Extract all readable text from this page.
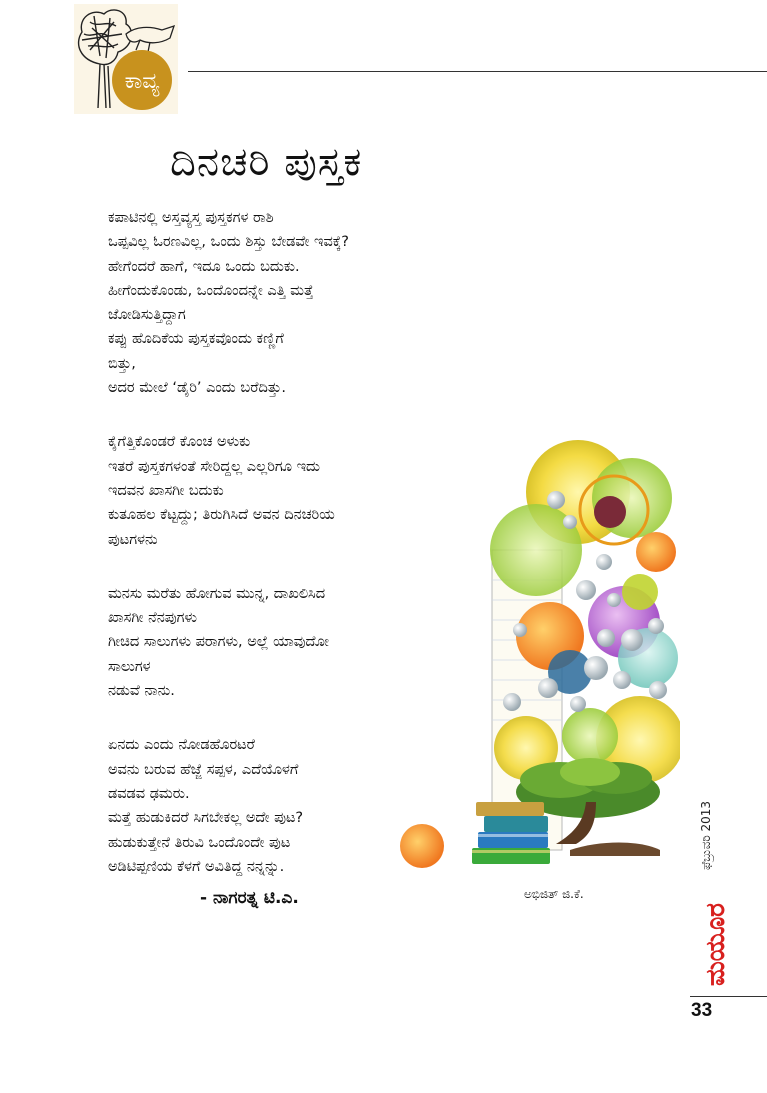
ಕಾವ್ಯ
ದಿನಚರಿ ಪುಸ್ತಕ
ಕಪಾಟಿನಲ್ಲಿ ಅಸ್ತವ್ಯಸ್ತ ಪುಸ್ತಕಗಳ ರಾಶಿ
ಒಪ್ಪವಿಲ್ಲ ಓರಣವಿಲ್ಲ, ಒಂದು ಶಿಸ್ತು ಬೇಡವೇ ಇವಕ್ಕೆ?
ಹೇಗೆಂದರೆ ಹಾಗೆ, ಇದೂ ಒಂದು ಬದುಕು.
ಹೀಗೆಂದುಕೊಂಡು, ಒಂದೊಂದನ್ನೇ ಎತ್ತಿ ಮತ್ತೆ
ಜೋಡಿಸುತ್ತಿದ್ದಾಗ
ಕಪ್ಪು ಹೊದಿಕೆಯ ಪುಸ್ತಕವೊಂದು ಕಣ್ಣಿಗೆ
ಬಿತ್ತು,
ಅದರ ಮೇಲೆ ‘ಡೈರಿ’ ಎಂದು ಬರೆದಿತ್ತು.
ಕೈಗೆತ್ತಿಕೊಂಡರೆ ಕೊಂಚ ಅಳುಕು
ಇತರೆ ಪುಸ್ತಕಗಳಂತೆ ಸೇರಿದ್ದಲ್ಲ ಎಲ್ಲರಿಗೂ ಇದು
ಇದವನ ಖಾಸಗೀ ಬದುಕು
ಕುತೂಹಲ ಕೆಟ್ಟದ್ದು; ತಿರುಗಿಸಿದೆ ಅವನ ದಿನಚರಿಯ
ಪುಟಗಳನು
ಮನಸು ಮರೆತು ಹೋಗುವ ಮುನ್ನ, ದಾಖಲಿಸಿದ
ಖಾಸಗೀ ನೆನಪುಗಳು
ಗೀಚಿದ ಸಾಲುಗಳು ಪರಾಗಳು, ಅಲ್ಲೆ ಯಾವುದೋ
ಸಾಲುಗಳ
ನಡುವೆ ನಾನು.
ಏನದು ಎಂದು ನೋಡಹೊರಟರೆ
ಅವನು ಬರುವ ಹೆಜ್ಜೆ ಸಪ್ಪಳ, ಎದೆಯೊಳಗೆ
ಡವಡವ ಢಮರು.
ಮತ್ತೆ ಹುಡುಕಿದರೆ ಸಿಗಬೇಕಲ್ಲ ಅದೇ ಪುಟ?
ಹುಡುಕುತ್ತೇನೆ ತಿರುವಿ ಒಂದೊಂದೇ ಪುಟ
ಅಡಿಟಿಪ್ಪಣಿಯ ಕೆಳಗೆ ಅವಿತಿದ್ದ ನನ್ನನ್ನು.
- ನಾಗರತ್ನ ಟಿ.ಎ.	ಅಭಿಜಿತ್ ಜಿ.ಕೆ.
ಫೆಬ್ರುವರಿ 2013
ಮಯೂರ
33
